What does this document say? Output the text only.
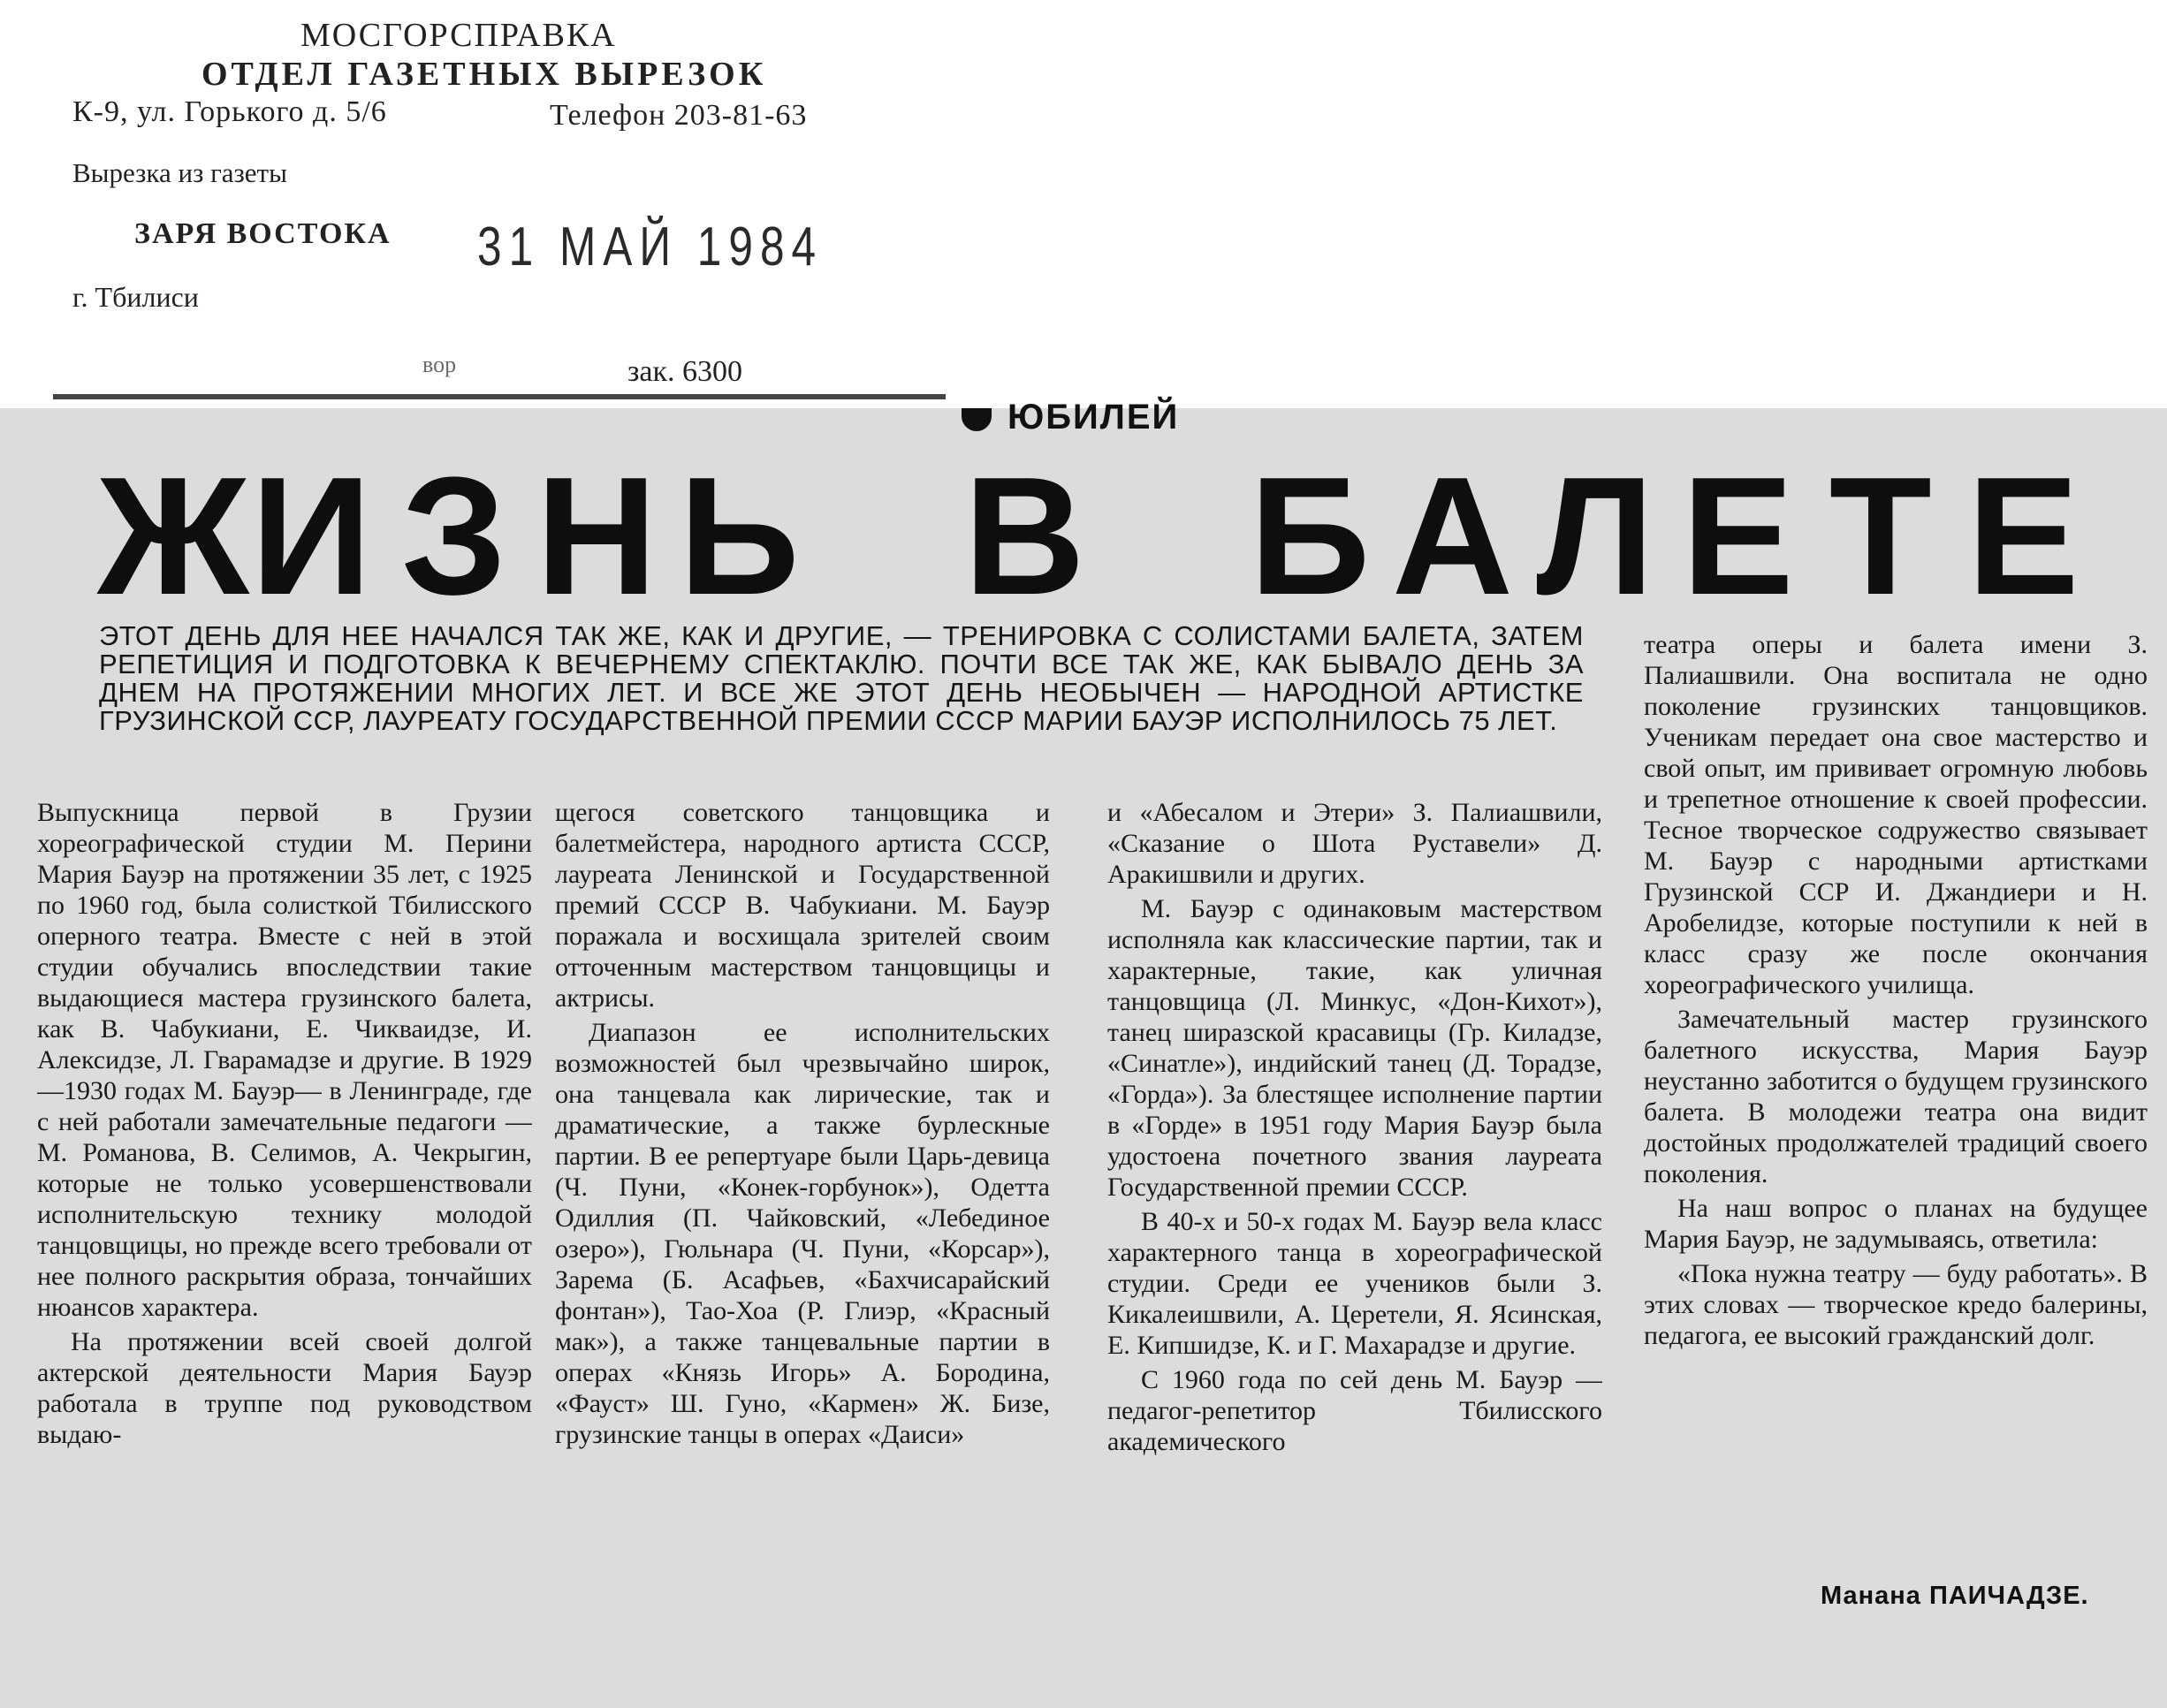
МОСГОРСПРАВКА
ОТДЕЛ ГАЗЕТНЫХ ВЫРЕЗОК
К-9, ул. Горького д. 5/6	Телефон 203-81-63
Вырезка из газеты
ЗАРЯ ВОСТОКА 31 МАЙ 1984
г. Тбилиси
вор	зак. 6300
ЮБИЛЕЙ
ЖИ З Н Ь В Б А Л Е Т Е
ЭТОТ ДЕНЬ ДЛЯ НЕЕ НАЧАЛСЯ ТАК ЖЕ, КАК И ДРУГИЕ, — ТРЕНИРОВКА С СОЛИСТАМИ БАЛЕТА, ЗАТЕМ РЕПЕТИЦИЯ И ПОДГОТОВКА К ВЕЧЕРНЕМУ СПЕКТАКЛЮ. ПОЧТИ ВСЕ ТАК ЖЕ, КАК БЫВАЛО ДЕНЬ ЗА ДНЕМ НА ПРОТЯЖЕНИИ МНОГИХ ЛЕТ. И ВСЕ ЖЕ ЭТОТ ДЕНЬ НЕОБЫЧЕН — НАРОДНОЙ АРТИСТКЕ ГРУЗИНСКОЙ ССР, ЛАУРЕАТУ ГОСУДАРСТВЕННОЙ ПРЕМИИ СССР МАРИИ БАУЭР ИСПОЛНИЛОСЬ 75 ЛЕТ.

Выпускница первой в Грузии хореографической студии М. Перини Мария Бауэр на протяжении 35 лет, с 1925 по 1960 год, была солисткой Тбилисского оперного театра. Вместе с ней в этой студии обучались впоследствии такие выдающиеся мастера грузинского балета, как В. Чабукиани, Е. Чикваидзе, И. Алексидзе, Л. Гварамадзе и другие. В 1929—1930 годах М. Бауэр— в Ленинграде, где с ней работали замечательные педагоги — М. Романова, В. Селимов, А. Чекрыгин, которые не только усовершенствовали исполнительскую технику молодой танцовщицы, но прежде всего требовали от нее полного раскрытия образа, тончайших нюансов характера.

На протяжении всей своей долгой актерской деятельности Мария Бауэр работала в труппе под руководством выдаю-

щегося советского танцовщика и балетмейстера, народного артиста СССР, лауреата Ленинской и Государственной премий СССР В. Чабукиани. М. Бауэр поражала и восхищала зрителей своим отточенным мастерством танцовщицы и актрисы.

Диапазон ее исполнительских возможностей был чрезвычайно широк, она танцевала как лирические, так и драматические, а также бурлескные партии. В ее репертуаре были Царь-девица (Ч. Пуни, «Конек-горбунок»), Одетта Одиллия (П. Чайковский, «Лебединое озеро»), Гюльнара (Ч. Пуни, «Корсар»), Зарема (Б. Асафьев, «Бахчисарайский фонтан»), Тао-Хоа (Р. Глиэр, «Красный мак»), а также танцевальные партии в операх «Князь Игорь» А. Бородина, «Фауст» Ш. Гуно, «Кармен» Ж. Бизе, грузинские танцы в операх «Даиси»

и «Абесалом и Этери» З. Палиашвили, «Сказание о Шота Руставели» Д. Аракишвили и других.

М. Бауэр с одинаковым мастерством исполняла как классические партии, так и характерные, такие, как уличная танцовщица (Л. Минкус, «Дон-Кихот»), танец ширазской красавицы (Гр. Киладзе, «Синатле»), индийский танец (Д. Торадзе, «Горда»). За блестящее исполнение партии в «Горде» в 1951 году Мария Бауэр была удостоена почетного звания лауреата Государственной премии СССР.

В 40-х и 50-х годах М. Бауэр вела класс характерного танца в хореографической студии. Среди ее учеников были З. Кикалеишвили, А. Церетели, Я. Ясинская, Е. Кипшидзе, К. и Г. Махарадзе и другие.

С 1960 года по сей день М. Бауэр — педагог-репетитор Тбилисского академического

театра оперы и балета имени З. Палиашвили. Она воспитала не одно поколение грузинских танцовщиков. Ученикам передает она свое мастерство и свой опыт, им прививает огромную любовь и трепетное отношение к своей профессии. Тесное творческое содружество связывает М. Бауэр с народными артистками Грузинской ССР И. Джандиери и Н. Аробелидзе, которые поступили к ней в класс сразу же после окончания хореографического училища.

Замечательный мастер грузинского балетного искусства, Мария Бауэр неустанно заботится о будущем грузинского балета. В молодежи театра она видит достойных продолжателей традиций своего поколения.

На наш вопрос о планах на будущее Мария Бауэр, не задумываясь, ответила:

«Пока нужна театру — буду работать». В этих словах — творческое кредо балерины, педагога, ее высокий гражданский долг.

Манана ПАИЧАДЗЕ.
